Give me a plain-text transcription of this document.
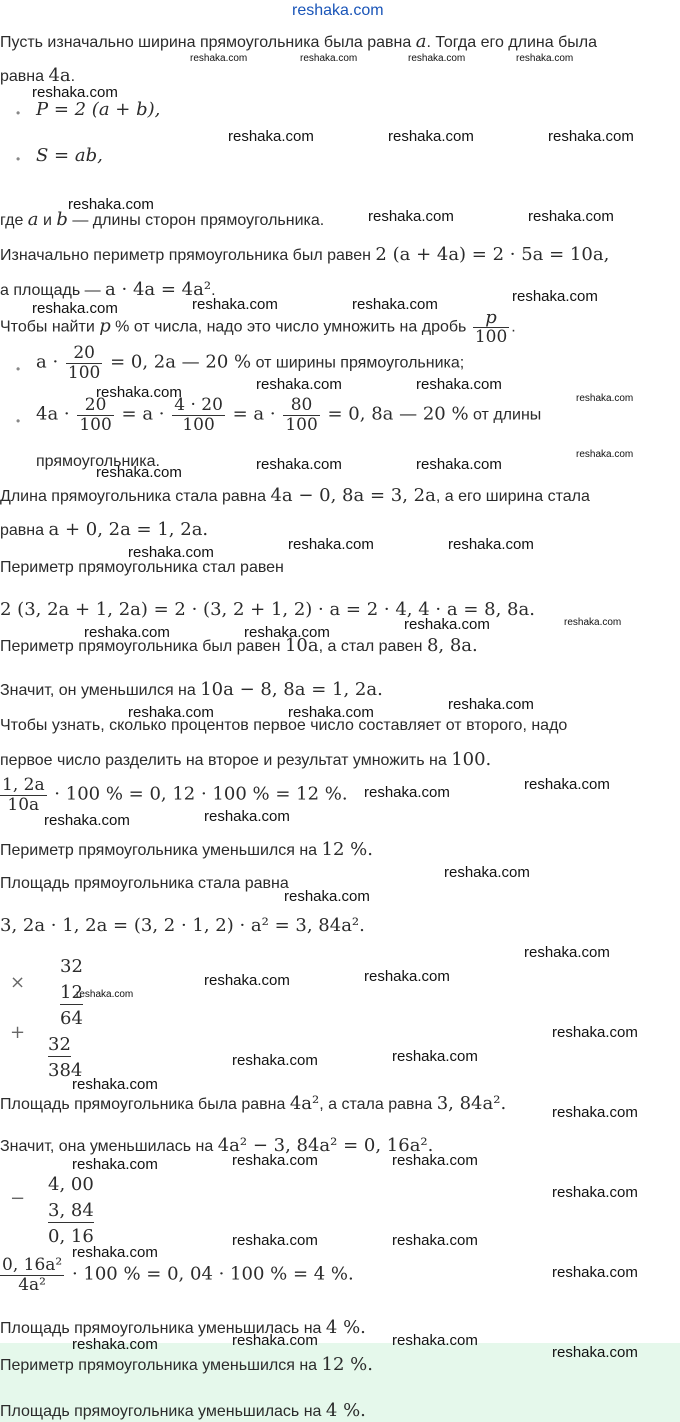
reshaka.com
Пусть изначально ширина прямоугольника была равна a. Тогда его длина была
равна 4a.
• P = 2 (a + b),
• S = ab,
где a и b — длины сторон прямоугольника.
Изначально периметр прямоугольника был равен 2 (a + 4a) = 2 · 5a = 10a,
а площадь — a · 4a = 4a².
Чтобы найти p % от числа, надо это число умножить на дробь $\frac{p}{100}$ .
• $a \cdot \frac{20}{100} = 0$, 2a — 20 % от ширины прямоугольника;
• $4a \cdot \frac{20}{100} = a \cdot \frac{4 \cdot 20}{100} = a \cdot \frac{80}{100} = 0$, 8a — 20 % от длины
прямоугольника.
Длина прямоугольника стала равна 4a − 0, 8a = 3, 2a, а его ширина стала
равна a + 0, 2a = 1, 2a.
Периметр прямоугольника стал равен
2 (3, 2a + 1, 2a) = 2 · (3, 2 + 1, 2) · a = 2 · 4, 4 · a = 8, 8a.
Периметр прямоугольника был равен 10a, а стал равен 8, 8a.
Значит, он уменьшился на 10a − 8, 8a = 1, 2a.
Чтобы узнать, сколько процентов первое число составляет от второго, надо
первое число разделить на второе и результат умножить на 100.
$\frac{1, 2a}{10a} \cdot 100$ % = 0, 12 · 100 % = 12 %.
Периметр прямоугольника уменьшился на 12 %.
Площадь прямоугольника стала равна
3, 2a · 1, 2a = (3, 2 · 1, 2) · a² = 3, 84a².
×
32
12
64
+
32
384
Площадь прямоугольника была равна 4a², а стала равна 3, 84a².
Значит, она уменьшилась на 4a² − 3, 84a² = 0, 16a².
−
4, 00
3, 84
0, 16
$\frac{\text{0, 16a²}}{\text{4a²}} \cdot 100$ % = 0, 04 · 100 % = 4 %.
Площадь прямоугольника уменьшилась на 4 %.
Периметр прямоугольника уменьшился на 12 %.
Площадь прямоугольника уменьшилась на 4 %.
reshaka.com	reshaka.com	reshaka.com	reshaka.com
reshaka.com
reshaka.com	reshaka.com	reshaka.com
reshaka.com
reshaka.com	reshaka.com
reshaka.com	reshaka.com	reshaka.com	reshaka.com
reshaka.com	reshaka.com	reshaka.com
reshaka.com
reshaka.com	reshaka.com	reshaka.com
reshaka.com
reshaka.com	reshaka.com	reshaka.com
reshaka.com	reshaka.com	reshaka.com	reshaka.com
reshaka.com	reshaka.com	reshaka.com
reshaka.com	reshaka.com
reshaka.com	reshaka.com
reshaka.com
reshaka.com
reshaka.com
reshaka.com	reshaka.com
reshaka.com
reshaka.com
reshaka.com	reshaka.com
reshaka.com
reshaka.com
reshaka.com	reshaka.com	reshaka.com
reshaka.com
reshaka.com
reshaka.com	reshaka.com
reshaka.com
reshaka.com	reshaka.com	reshaka.com
reshaka.com
